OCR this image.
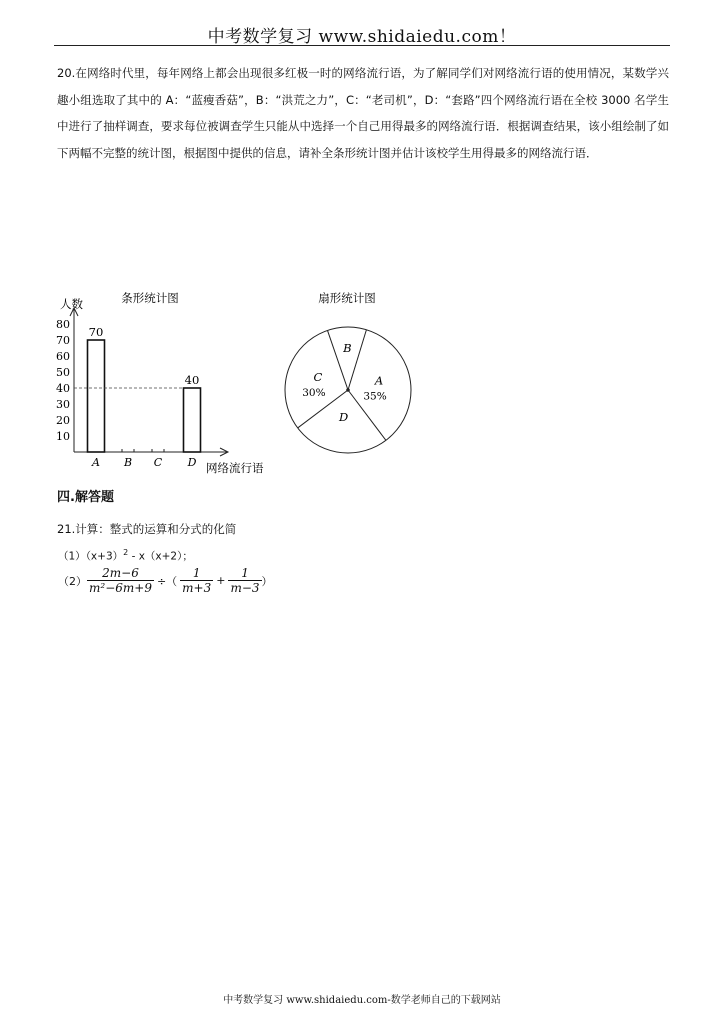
中考数学复习 www.shidaiedu.com！
20.在网络时代里，每年网络上都会出现很多红极一时的网络流行语，为了解同学们对网络流行语的使用情况，某数学兴趣小组选取了其中的 A：“蓝瘦香菇”，B：“洪荒之力”，C：“老司机”，D：“套路”四个网络流行语在全校 3000 名学生中进行了抽样调查，要求每位被调查学生只能从中选择一个自己用得最多的网络流行语．根据调查结果，该小组绘制了如下两幅不完整的统计图，根据图中提供的信息，请补全条形统计图并估计该校学生用得最多的网络流行语．
条形统计图
人数
10
20
30
40
50
60
70
80
A B C D
70
40
网络流行语
扇形统计图
A
35%
D
C
30%
B
四.解答题
21.计算：整式的运算和分式的化简
$(1)(x+3)^2 - x(x+2)$；
$(2) \frac{2m-6}{\text{m²−6m+9}}$ ÷（ $\frac{1}{m+3} + \frac{1}{m-3}$ ）
中考数学复习 www.shidaiedu.com-数学老师自己的下载网站
